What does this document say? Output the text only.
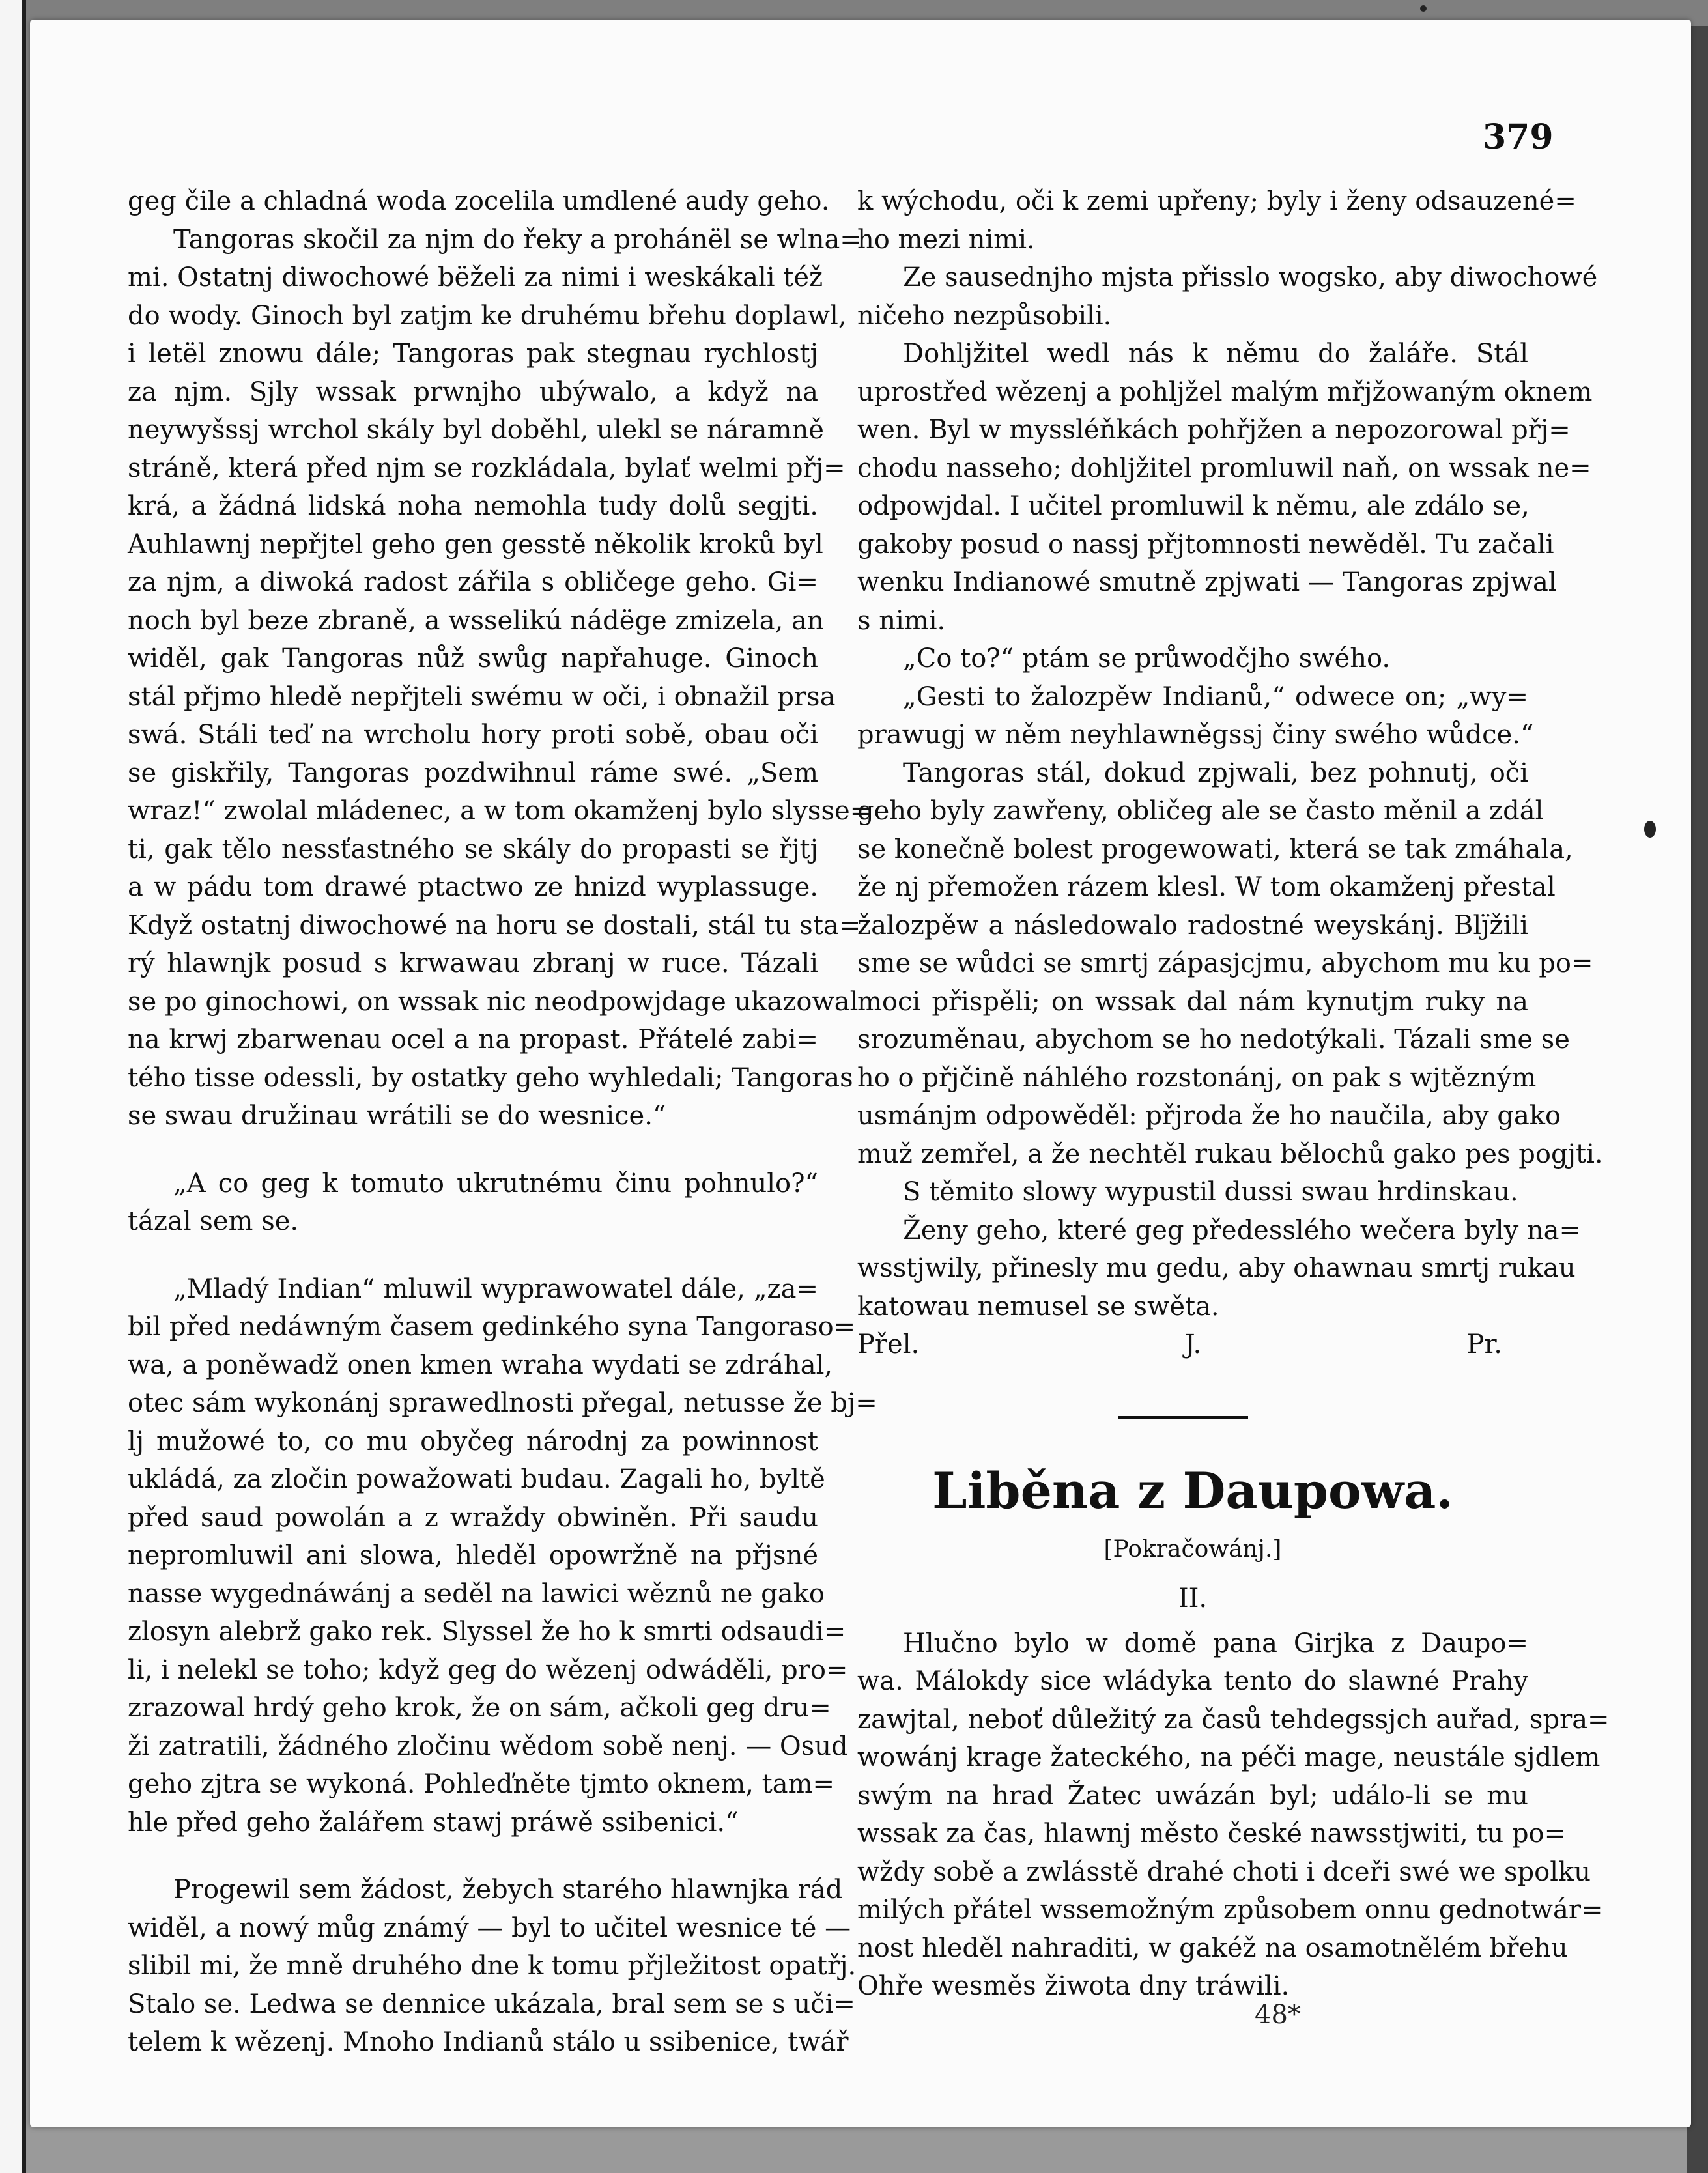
379
geg čile a chladná woda zocelila umdlené audy geho.
Tangoras skočil za njm do řeky a prohánël se wlna=
mi. Ostatnj diwochowé bëželi za nimi i weskákali též
do wody. Ginoch byl zatjm ke druhému břehu doplawl,
i letël znowu dále; Tangoras pak stegnau rychlostj
za njm. Sjly wssak prwnjho ubýwalo, a když na
neywyšssj wrchol skály byl doběhl, ulekl se náramně
stráně, která před njm se rozkládala, bylať welmi přj=
krá, a žádná lidská noha nemohla tudy dolů segjti.
Auhlawnj nepřjtel geho gen gesstě několik kroků byl
za njm, a diwoká radost zářila s obličege geho. Gi=
noch byl beze zbraně, a wsselikú nádëge zmizela, an
widěl, gak Tangoras nůž swůg napřahuge. Ginoch
stál přjmo hledě nepřjteli swému w oči, i obnažil prsa
swá. Stáli teď na wrcholu hory proti sobě, obau oči
se giskřily, Tangoras pozdwihnul ráme swé. „Sem
wraz!“ zwolal mládenec, a w tom okamženj bylo slysse=
ti, gak tělo nessťastného se skály do propasti se řjtj
a w pádu tom drawé ptactwo ze hnizd wyplassuge.
Když ostatnj diwochowé na horu se dostali, stál tu sta=
rý hlawnjk posud s krwawau zbranj w ruce. Tázali
se po ginochowi, on wssak nic neodpowjdage ukazowal
na krwj zbarwenau ocel a na propast. Přátelé zabi=
tého tisse odessli, by ostatky geho wyhledali; Tangoras
se swau družinau wrátili se do wesnice.“
„A co geg k tomuto ukrutnému činu pohnulo?“
tázal sem se.
„Mladý Indian“ mluwil wyprawowatel dále, „za=
bil před nedáwným časem gedinkého syna Tangoraso=
wa, a poněwadž onen kmen wraha wydati se zdráhal,
otec sám wykonánj sprawedlnosti přegal, netusse že bj=
lj mužowé to, co mu obyčeg národnj za powinnost
ukládá, za zločin powažowati budau. Zagali ho, byltě
před saud powolán a z wraždy obwiněn. Při saudu
nepromluwil ani slowa, hleděl opowržně na přjsné
nasse wygednáwánj a seděl na lawici wěznů ne gako
zlosyn alebrž gako rek. Slyssel že ho k smrti odsaudi=
li, i nelekl se toho; když geg do wězenj odwáděli, pro=
zrazowal hrdý geho krok, že on sám, ačkoli geg dru=
ži zatratili, žádného zločinu wědom sobě nenj. — Osud
geho zjtra se wykoná. Pohleďněte tjmto oknem, tam=
hle před geho žalářem stawj práwě ssibenici.“
Progewil sem žádost, žebych starého hlawnjka rád
widěl, a nowý můg známý — byl to učitel wesnice té —
slibil mi, že mně druhého dne k tomu přjležitost opatřj.
Stalo se. Ledwa se dennice ukázala, bral sem se s uči=
telem k wězenj. Mnoho Indianů stálo u ssibenice, twář
k wýchodu, oči k zemi upřeny; byly i ženy odsauzené=
ho mezi nimi.
Ze sausednjho mjsta přisslo wogsko, aby diwochowé
ničeho nezpůsobili.
Dohljžitel wedl nás k němu do žaláře. Stál
uprostřed wězenj a pohljžel malým mřjžowaným oknem
wen. Byl w myssléňkách pohřjžen a nepozorowal přj=
chodu nasseho; dohljžitel promluwil naň, on wssak ne=
odpowjdal. I učitel promluwil k němu, ale zdálo se,
gakoby posud o nassj přjtomnosti newěděl. Tu začali
wenku Indianowé smutně zpjwati — Tangoras zpjwal
s nimi.
„Co to?“ ptám se průwodčjho swého.
„Gesti to žalozpěw Indianů,“ odwece on; „wy=
prawugj w něm neyhlawněgssj činy swého wůdce.“
Tangoras stál, dokud zpjwali, bez pohnutj, oči
geho byly zawřeny, obličeg ale se často měnil a zdál
se konečně bolest progewowati, která se tak zmáhala,
že nj přemožen rázem klesl. W tom okamženj přestal
žalozpěw a následowalo radostné weyskánj. Blj̈žili
sme se wůdci se smrtj zápasjcjmu, abychom mu ku po=
moci přispěli; on wssak dal nám kynutjm ruky na
srozuměnau, abychom se ho nedotýkali. Tázali sme se
ho o přjčině náhlého rozstonánj, on pak s wjtězným
usmánjm odpowěděl: přjroda že ho naučila, aby gako
muž zemřel, a že nechtěl rukau bělochů gako pes pogjti.
S těmito slowy wypustil dussi swau hrdinskau.
Ženy geho, které geg předesslého wečera byly na=
wsstjwily, přinesly mu gedu, aby ohawnau smrtj rukau
katowau nemusel se swěta.
Přel. J. Pr.
Liběna z Daupowa.
[Pokračowánj.]
II.
Hlučno bylo w domě pana Girjka z Daupo=
wa. Málokdy sice wládyka tento do slawné Prahy
zawjtal, neboť důležitý za časů tehdegssjch auřad, spra=
wowánj krage žateckého, na péči mage, neustále sjdlem
swým na hrad Žatec uwázán byl; událo-li se mu
wssak za čas, hlawnj město české nawsstjwiti, tu po=
wždy sobě a zwlásstě drahé choti i dceři swé we spolku
milých přátel wssemožným způsobem onnu gednotwár=
nost hleděl nahraditi, w gakéž na osamotnělém břehu
Ohře wesměs žiwota dny tráwili.
48*
